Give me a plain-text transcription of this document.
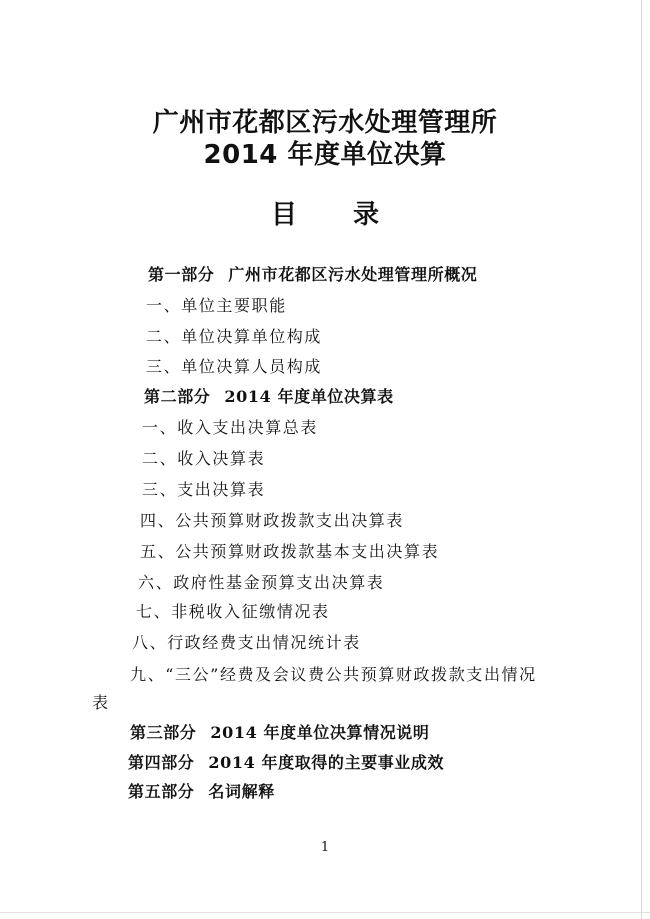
广州市花都区污水处理管理所
2014 年度单位决算
目 录
第一部分 广州市花都区污水处理管理所概况
一、单位主要职能
二、单位决算单位构成
三、单位决算人员构成
第二部分 2014 年度单位决算表
一、收入支出决算总表
二、收入决算表
三、支出决算表
四、公共预算财政拨款支出决算表
五、公共预算财政拨款基本支出决算表
六、政府性基金预算支出决算表
七、非税收入征缴情况表
八、行政经费支出情况统计表
九、“三公”经费及会议费公共预算财政拨款支出情况
表
第三部分 2014 年度单位决算情况说明
第四部分 2014 年度取得的主要事业成效
第五部分 名词解释
1
